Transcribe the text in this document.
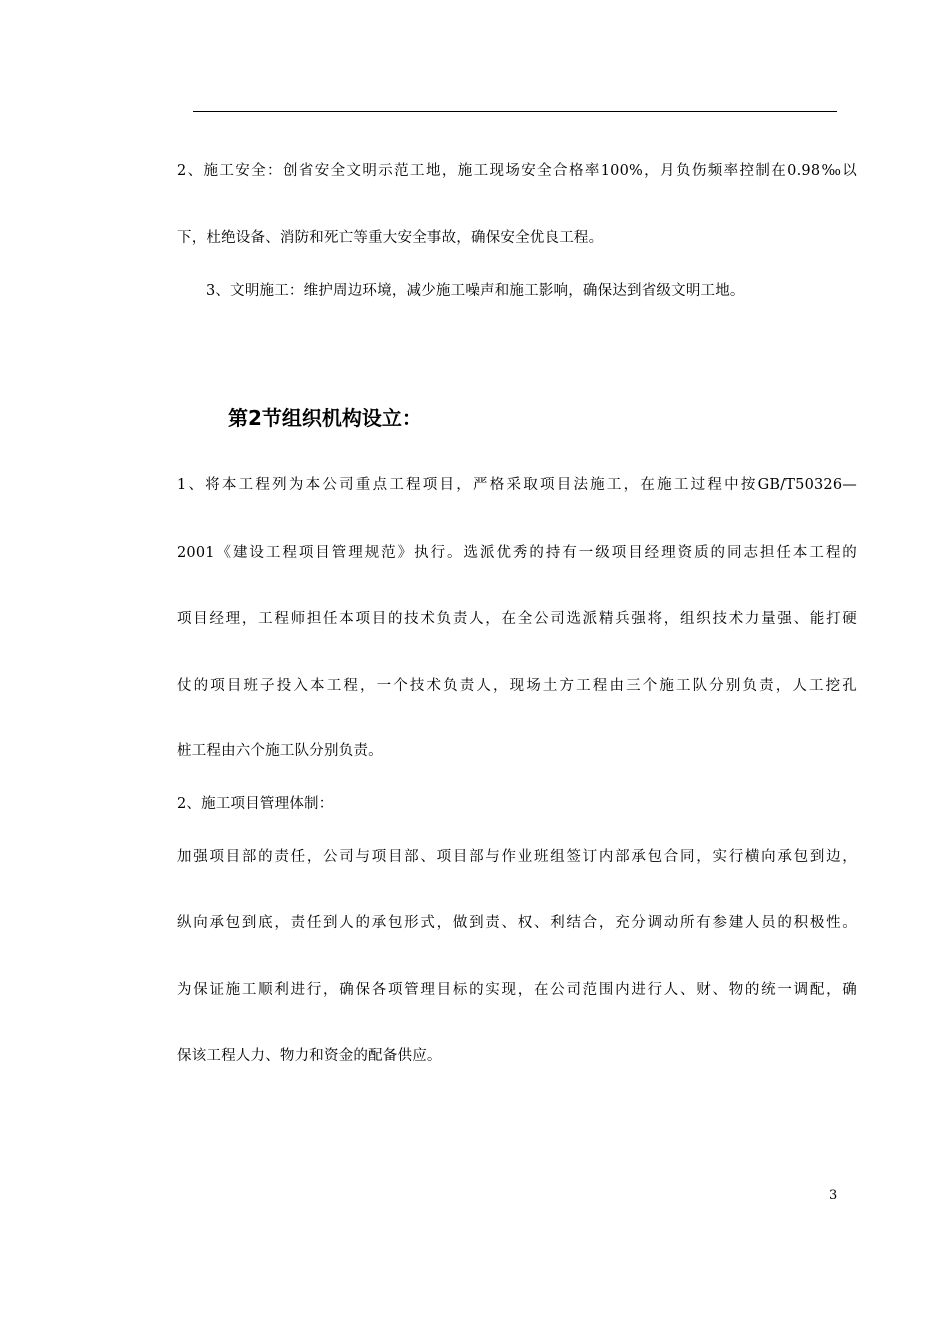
2、施工安全：创省安全文明示范工地，施工现场安全合格率100%，月负伤频率控制在0.98‰以
下，杜绝设备、消防和死亡等重大安全事故，确保安全优良工程。
3、文明施工：维护周边环境，减少施工噪声和施工影响，确保达到省级文明工地。
第2节组织机构设立：
1、将本工程列为本公司重点工程项目，严格采取项目法施工，在施工过程中按GB/T50326—
2001《建设工程项目管理规范》执行。选派优秀的持有一级项目经理资质的同志担任本工程的
项目经理，工程师担任本项目的技术负责人，在全公司选派精兵强将，组织技术力量强、能打硬
仗的项目班子投入本工程，一个技术负责人，现场土方工程由三个施工队分别负责，人工挖孔
桩工程由六个施工队分别负责。
2、施工项目管理体制：
加强项目部的责任，公司与项目部、项目部与作业班组签订内部承包合同，实行横向承包到边，
纵向承包到底，责任到人的承包形式，做到责、权、利结合，充分调动所有参建人员的积极性。
为保证施工顺利进行，确保各项管理目标的实现，在公司范围内进行人、财、物的统一调配，确
保该工程人力、物力和资金的配备供应。
3
